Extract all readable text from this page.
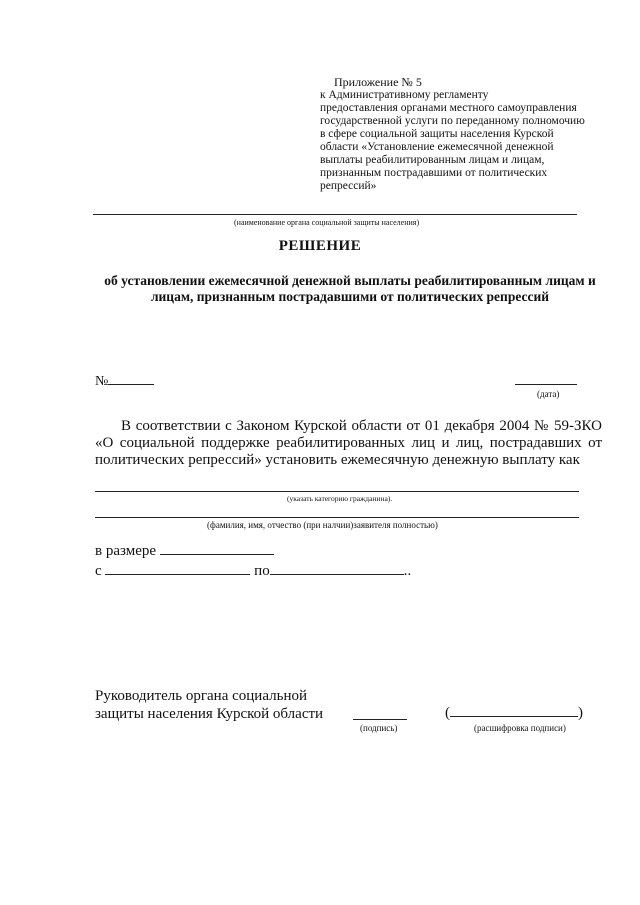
Приложение № 5
к Административному регламенту
предоставления органами местного самоуправления
государственной услуги по переданному полномочию
в сфере социальной защиты населения Курской
области «Установление ежемесячной денежной
выплаты реабилитированным лицам и лицам,
признанным пострадавшими от политических
репрессий»
(наименование органа социальной защиты населения)
РЕШЕНИЕ
об установлении ежемесячной денежной выплаты реабилитированным лицам и лицам, признанным пострадавшими от политических репрессий
№
(дата)
В соответствии с Законом Курской области от 01 декабря 2004 № 59-ЗКО «О социальной поддержке реабилитированных лиц и лиц, пострадавших от политических репрессий» установить ежемесячную денежную выплату как
(указать категорию гражданина).
(фамилия, имя, отчество (при налчии)заявителя полностью)
в размере
с	по	..
Руководитель органа социальной
защиты населения Курской области
(подпись)
(	)
(расшифровка подписи)
